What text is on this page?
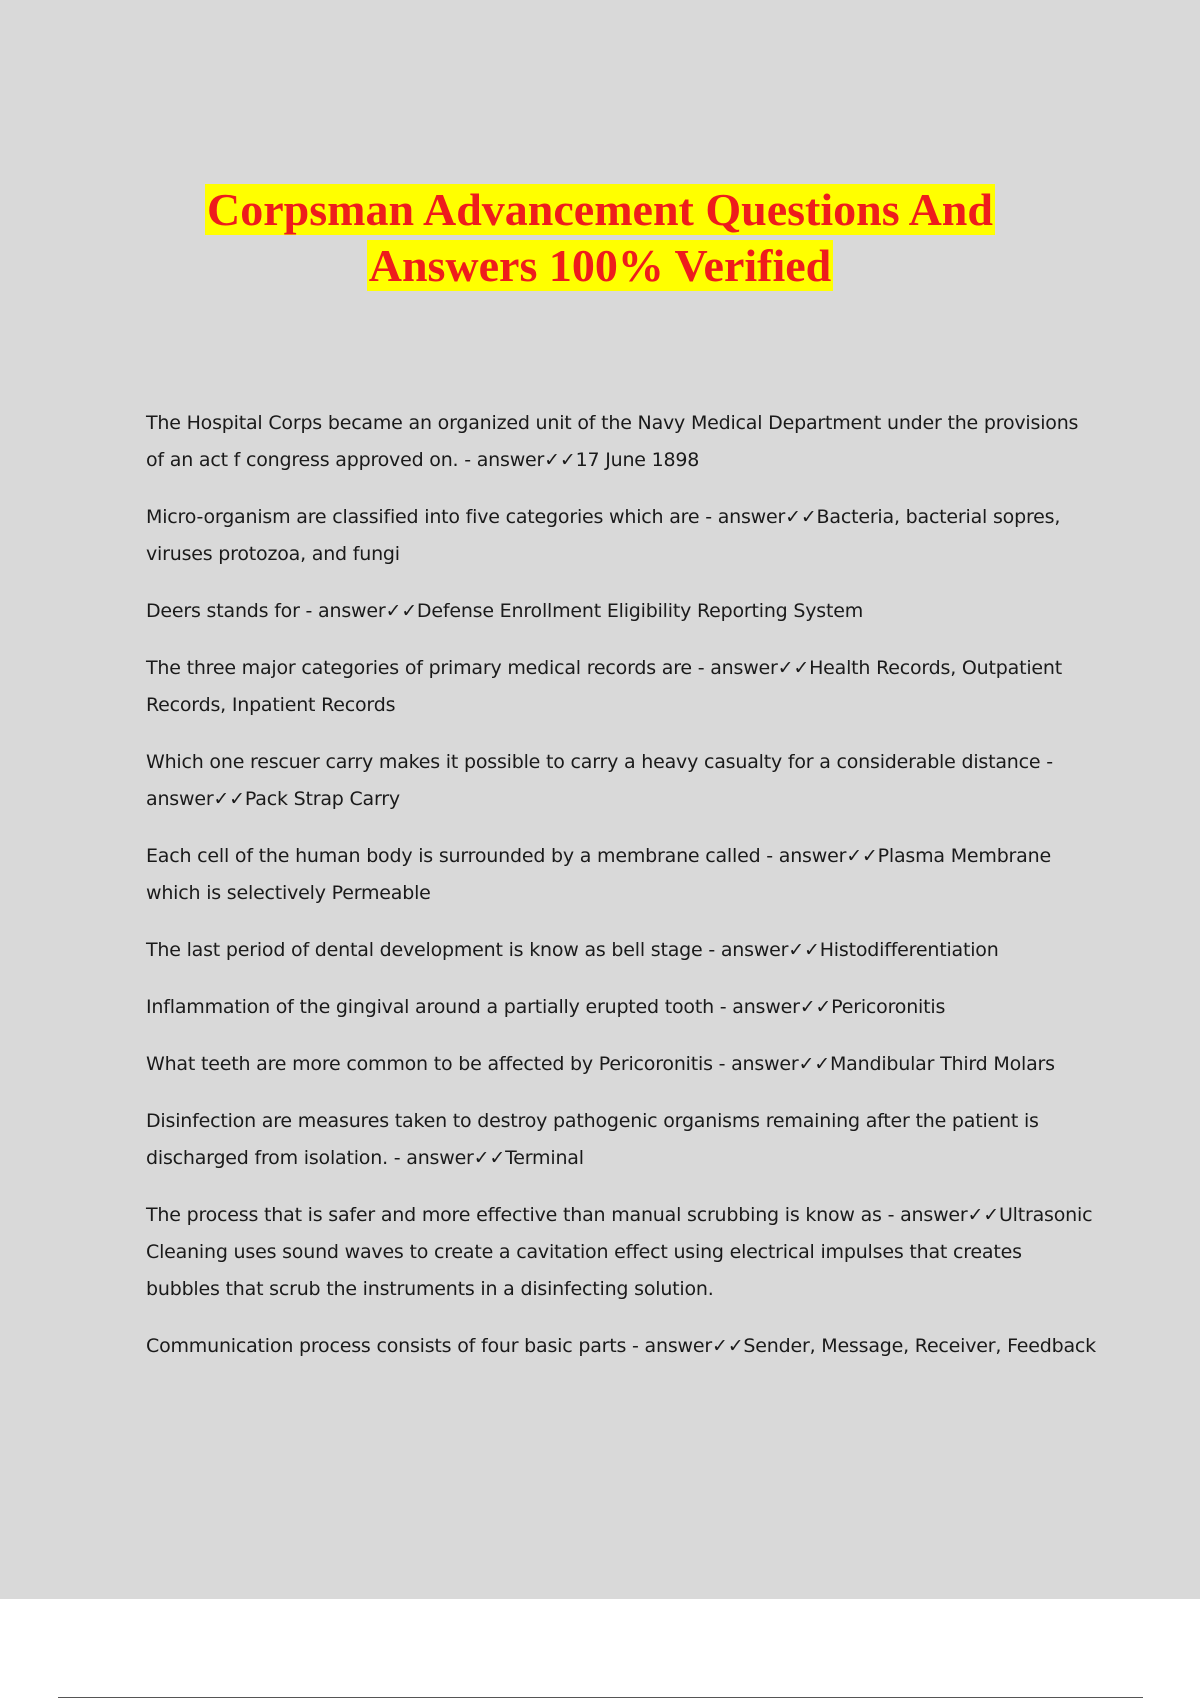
Corpsman Advancement Questions And
Answers 100% Verified

The Hospital Corps became an organized unit of the Navy Medical Department under the provisions of an act f congress approved on. - answer✓✓17 June 1898

Micro-organism are classified into five categories which are - answer✓✓Bacteria, bacterial sopres, viruses protozoa, and fungi

Deers stands for - answer✓✓Defense Enrollment Eligibility Reporting System

The three major categories of primary medical records are - answer✓✓Health Records, Outpatient Records, Inpatient Records

Which one rescuer carry makes it possible to carry a heavy casualty for a considerable distance - answer✓✓Pack Strap Carry

Each cell of the human body is surrounded by a membrane called - answer✓✓Plasma Membrane which is selectively Permeable

The last period of dental development is know as bell stage - answer✓✓Histodifferentiation

Inflammation of the gingival around a partially erupted tooth - answer✓✓Pericoronitis

What teeth are more common to be affected by Pericoronitis - answer✓✓Mandibular Third Molars

Disinfection are measures taken to destroy pathogenic organisms remaining after the patient is discharged from isolation. - answer✓✓Terminal

The process that is safer and more effective than manual scrubbing is know as - answer✓✓Ultrasonic Cleaning uses sound waves to create a cavitation effect using electrical impulses that creates bubbles that scrub the instruments in a disinfecting solution.

Communication process consists of four basic parts - answer✓✓Sender, Message, Receiver, Feedback
